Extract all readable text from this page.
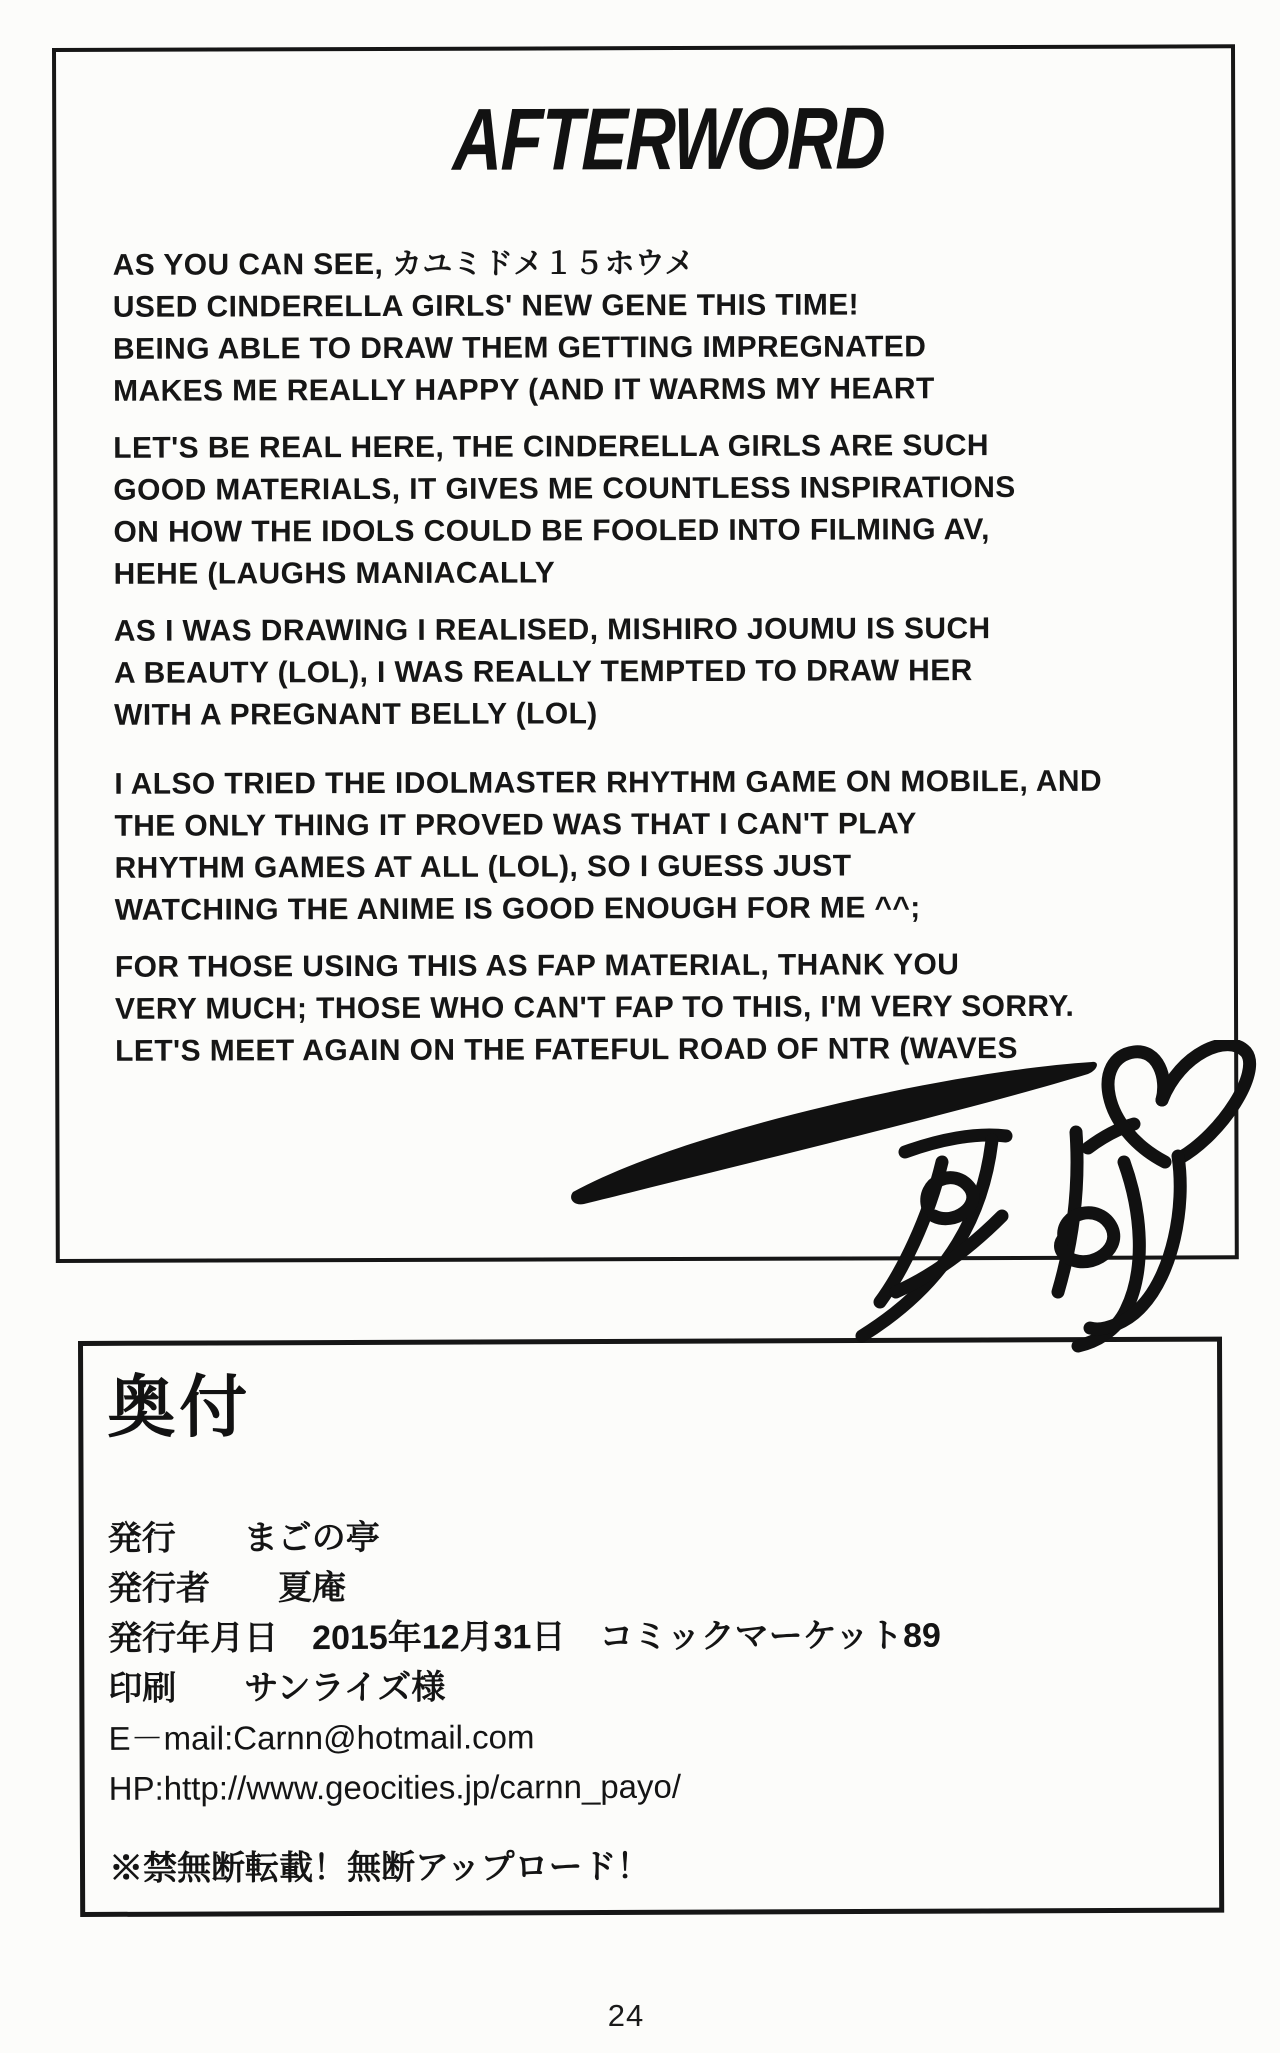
AFTERWORD

AS YOU CAN SEE, カユミドメ１５ホウメ
USED CINDERELLA GIRLS' NEW GENE THIS TIME!
BEING ABLE TO DRAW THEM GETTING IMPREGNATED
MAKES ME REALLY HAPPY (AND IT WARMS MY HEART

LET'S BE REAL HERE, THE CINDERELLA GIRLS ARE SUCH
GOOD MATERIALS, IT GIVES ME COUNTLESS INSPIRATIONS
ON HOW THE IDOLS COULD BE FOOLED INTO FILMING AV,
HEHE (LAUGHS MANIACALLY

AS I WAS DRAWING I REALISED, MISHIRO JOUMU IS SUCH
A BEAUTY (LOL), I WAS REALLY TEMPTED TO DRAW HER
WITH A PREGNANT BELLY (LOL)

I ALSO TRIED THE IDOLMASTER RHYTHM GAME ON MOBILE, AND
THE ONLY THING IT PROVED WAS THAT I CAN'T PLAY
RHYTHM GAMES AT ALL (LOL), SO I GUESS JUST
WATCHING THE ANIME IS GOOD ENOUGH FOR ME ^^;

FOR THOSE USING THIS AS FAP MATERIAL, THANK YOU
VERY MUCH; THOSE WHO CAN'T FAP TO THIS, I'M VERY SORRY.
LET'S MEET AGAIN ON THE FATEFUL ROAD OF NTR (WAVES

奥付
発行　　まごの亭
発行者　　夏庵
発行年月日　2015年12月31日　コミックマーケット89
印刷　　サンライズ様
E－mail:Carnn@hotmail.com
HP:http://www.geocities.jp/carnn_payo/
※禁無断転載！無断アップロード！
24
